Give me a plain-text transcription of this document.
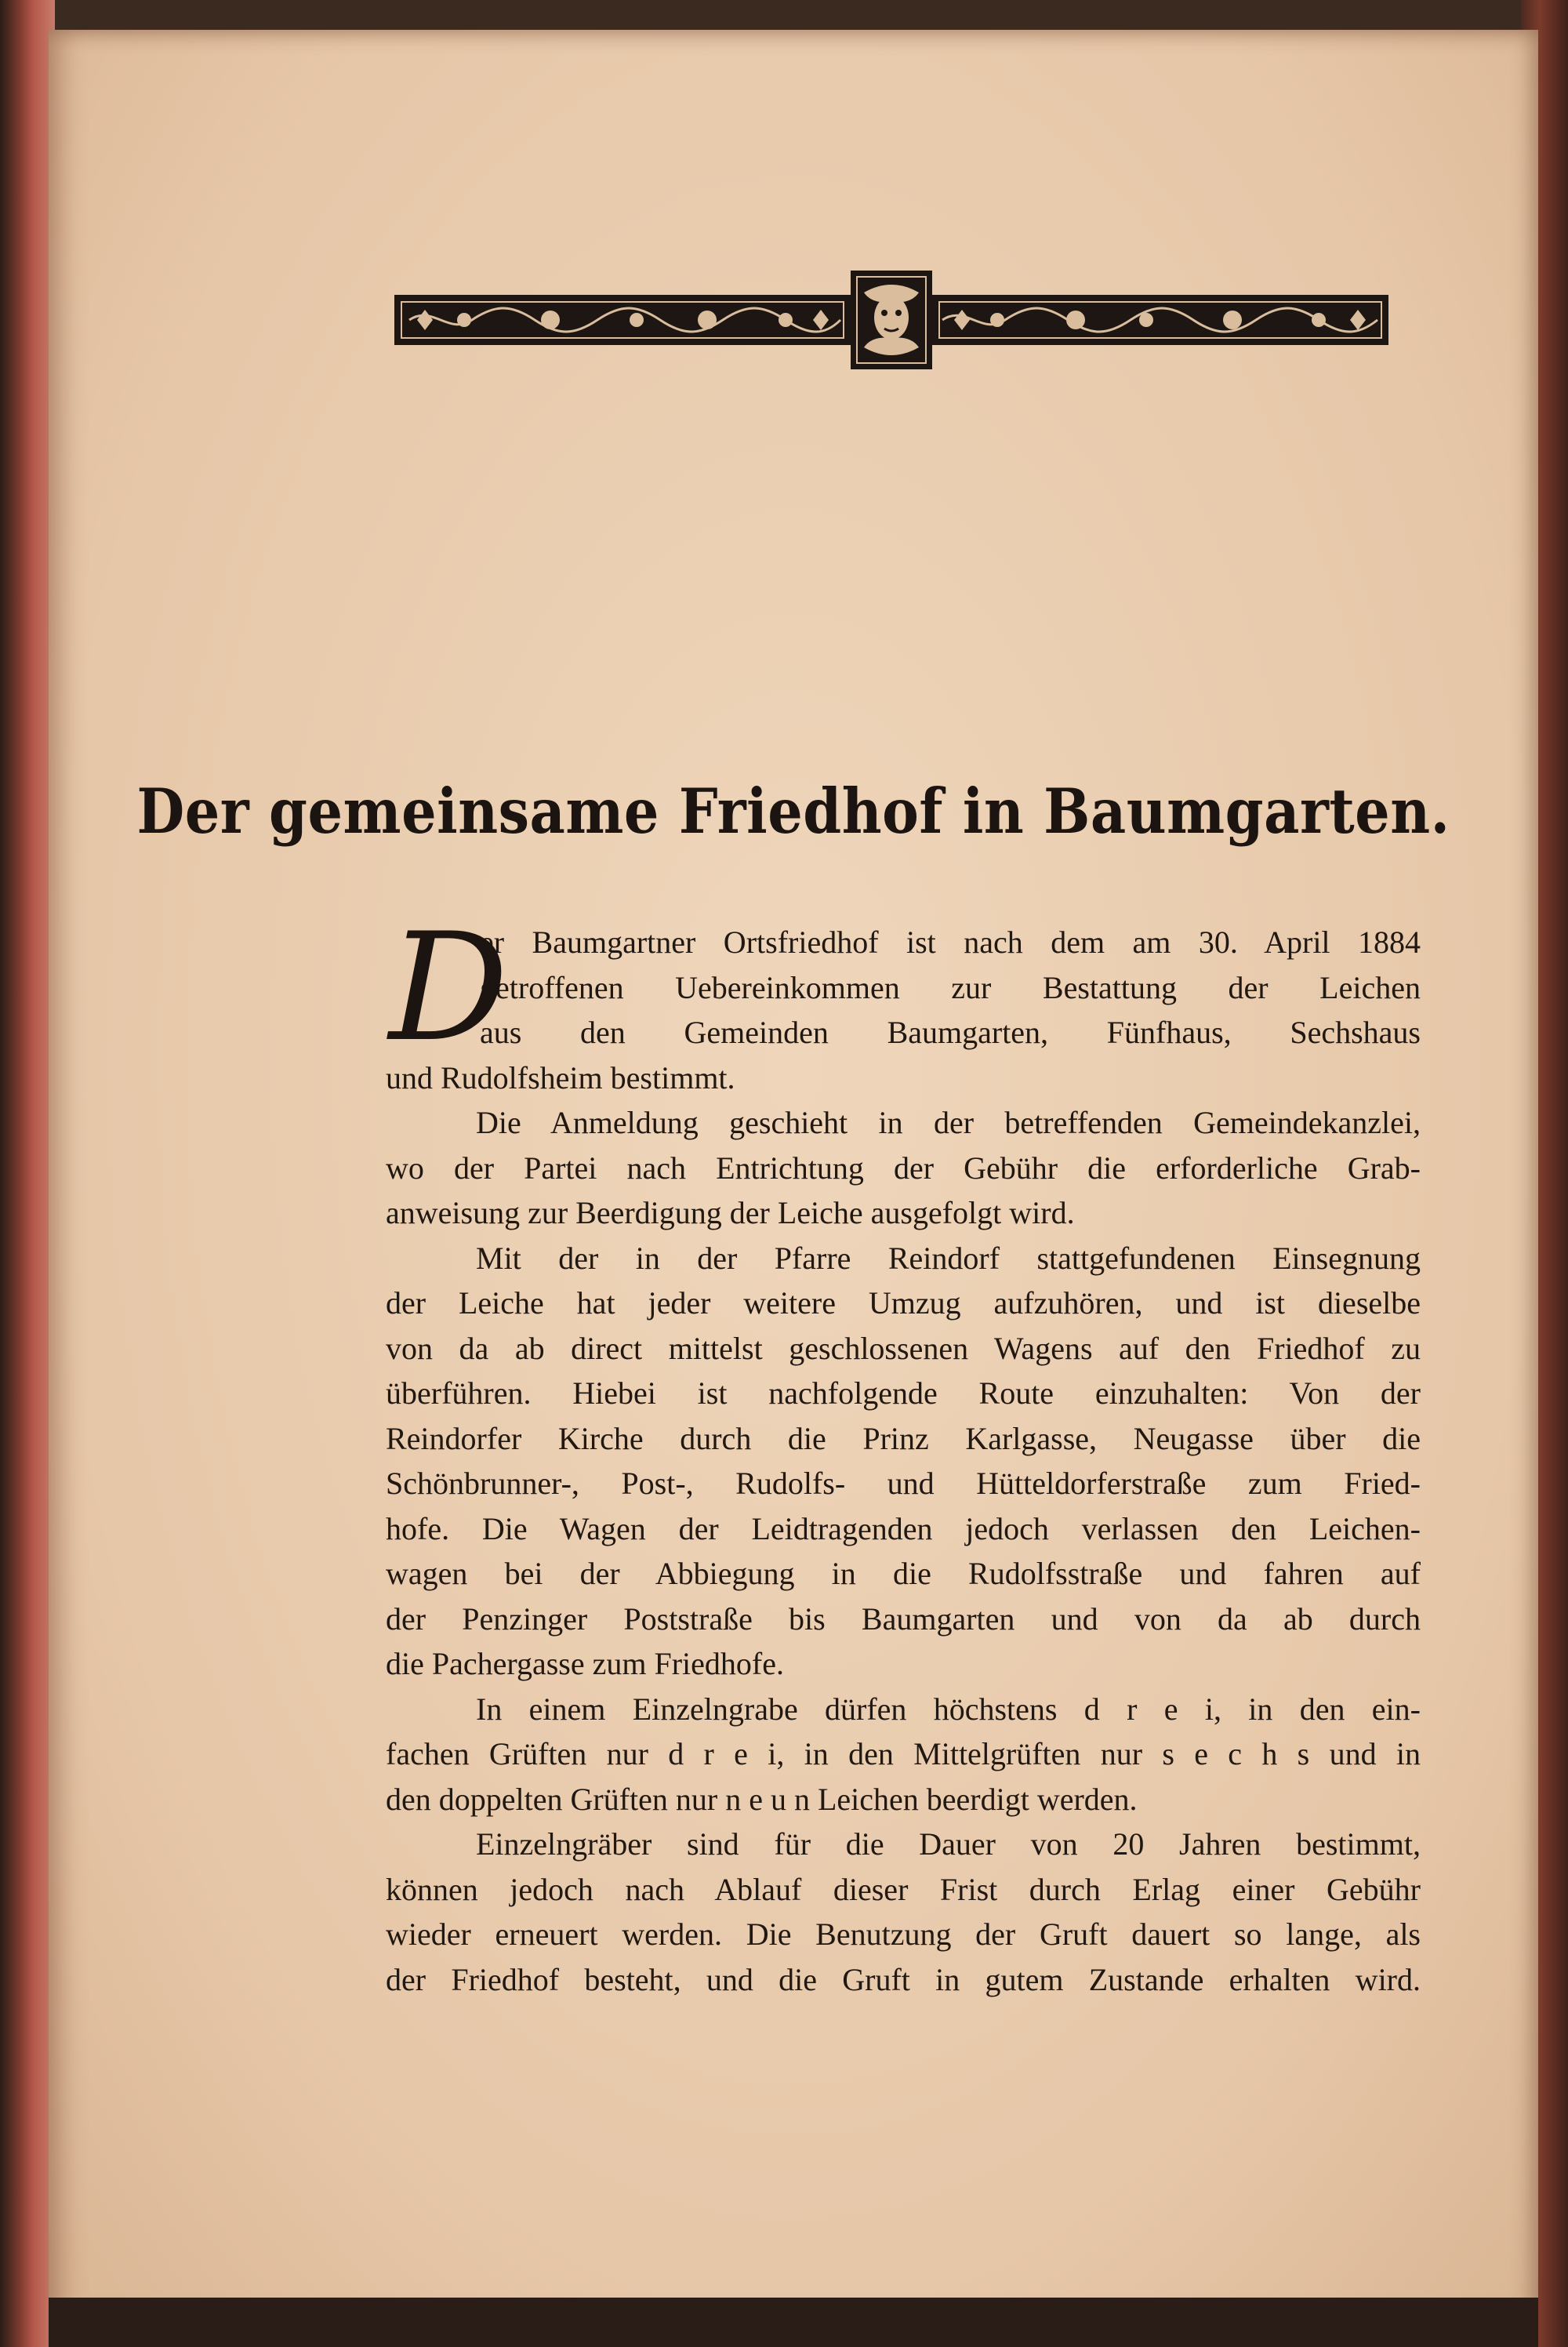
Der gemeinsame Friedhof in Baumgarten.
D
er Baumgartner Ortsfriedhof ist nach dem am 30. April 1884
getroffenen Uebereinkommen zur Bestattung der Leichen
aus den Gemeinden Baumgarten, Fünfhaus, Sechshaus
und Rudolfsheim bestimmt.
Die Anmeldung geschieht in der betreffenden Gemeindekanzlei,
wo der Partei nach Entrichtung der Gebühr die erforderliche Grab-
anweisung zur Beerdigung der Leiche ausgefolgt wird.
Mit der in der Pfarre Reindorf stattgefundenen Einsegnung
der Leiche hat jeder weitere Umzug aufzuhören, und ist dieselbe
von da ab direct mittelst geschlossenen Wagens auf den Friedhof zu
überführen. Hiebei ist nachfolgende Route einzuhalten: Von der
Reindorfer Kirche durch die Prinz Karlgasse, Neugasse über die
Schönbrunner-, Post-, Rudolfs- und Hütteldorferstraße zum Fried-
hofe. Die Wagen der Leidtragenden jedoch verlassen den Leichen-
wagen bei der Abbiegung in die Rudolfsstraße und fahren auf
der Penzinger Poststraße bis Baumgarten und von da ab durch
die Pachergasse zum Friedhofe.
In einem Einzelngrabe dürfen höchstens d r e i, in den ein-
fachen Grüften nur d r e i, in den Mittelgrüften nur s e c h s und in
den doppelten Grüften nur n e u n Leichen beerdigt werden.
Einzelngräber sind für die Dauer von 20 Jahren bestimmt,
können jedoch nach Ablauf dieser Frist durch Erlag einer Gebühr
wieder erneuert werden. Die Benutzung der Gruft dauert so lange, als
der Friedhof besteht, und die Gruft in gutem Zustande erhalten wird.
